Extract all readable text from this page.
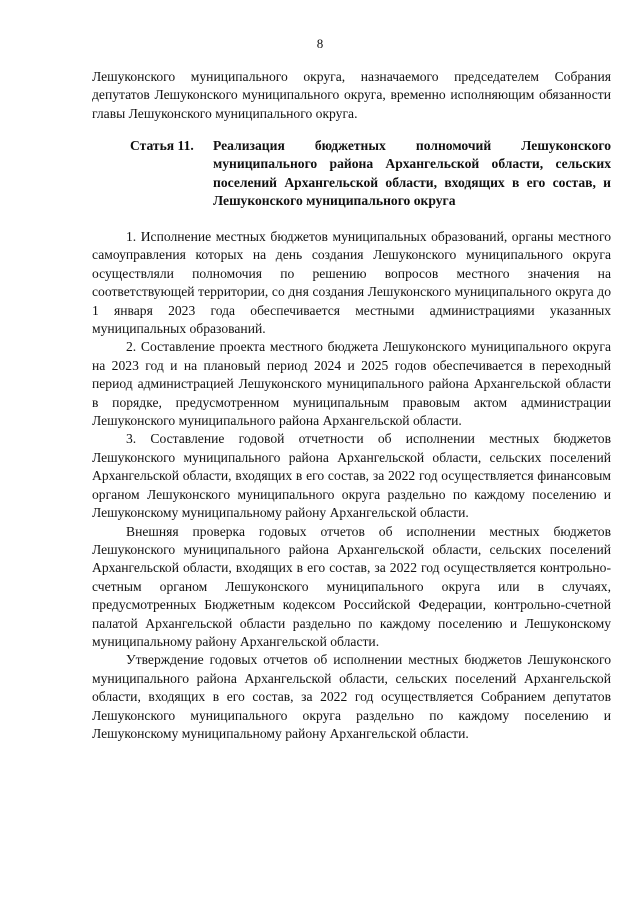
8
Лешуконского муниципального округа, назначаемого председателем Собрания депутатов Лешуконского муниципального округа, временно исполняющим обязанности главы Лешуконского муниципального округа.
Статья 11. Реализация бюджетных полномочий Лешуконского муниципального района Архангельской области, сельских поселений Архангельской области, входящих в его состав, и Лешуконского муниципального округа

1. Исполнение местных бюджетов муниципальных образований, органы местного самоуправления которых на день создания Лешуконского муниципального округа осуществляли полномочия по решению вопросов местного значения на соответствующей территории, со дня создания Лешуконского муниципального округа до 1 января 2023 года обеспечивается местными администрациями указанных муниципальных образований.

2. Составление проекта местного бюджета Лешуконского муниципального округа на 2023 год и на плановый период 2024 и 2025 годов обеспечивается в переходный период администрацией Лешуконского муниципального района Архангельской области в порядке, предусмотренном муниципальным правовым актом администрации Лешуконского муниципального района Архангельской области.

3. Составление годовой отчетности об исполнении местных бюджетов Лешуконского муниципального района Архангельской области, сельских поселений Архангельской области, входящих в его состав, за 2022 год осуществляется финансовым органом Лешуконского муниципального округа раздельно по каждому поселению и Лешуконскому муниципальному району Архангельской области.

Внешняя проверка годовых отчетов об исполнении местных бюджетов Лешуконского муниципального района Архангельской области, сельских поселений Архангельской области, входящих в его состав, за 2022 год осуществляется контрольно-счетным органом Лешуконского муниципального округа или в случаях, предусмотренных Бюджетным кодексом Российской Федерации, контрольно-счетной палатой Архангельской области раздельно по каждому поселению и Лешуконскому муниципальному району Архангельской области.

Утверждение годовых отчетов об исполнении местных бюджетов Лешуконского муниципального района Архангельской области, сельских поселений Архангельской области, входящих в его состав, за 2022 год осуществляется Собранием депутатов Лешуконского муниципального округа раздельно по каждому поселению и Лешуконскому муниципальному району Архангельской области.
